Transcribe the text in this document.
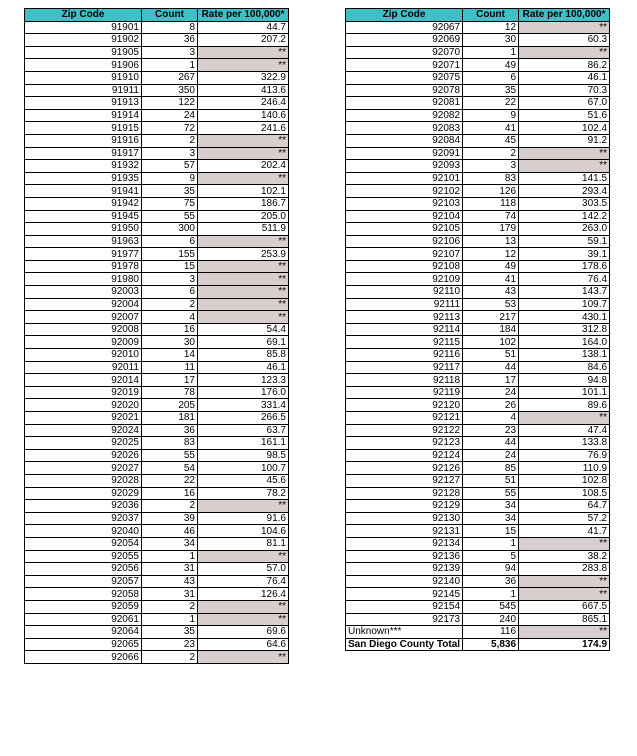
Zip Code	Count	Rate per 100,000*
91901	8	44.7
91902	36	207.2
91905	3	**
91906	1	**
91910	267	322.9
91911	350	413.6
91913	122	246.4
91914	24	140.6
91915	72	241.6
91916	2	**
91917	3	**
91932	57	202.4
91935	9	**
91941	35	102.1
91942	75	186.7
91945	55	205.0
91950	300	511.9
91963	6	**
91977	155	253.9
91978	15	**
91980	3	**
92003	6	**
92004	2	**
92007	4	**
92008	16	54.4
92009	30	69.1
92010	14	85.8
92011	11	46.1
92014	17	123.3
92019	78	176.0
92020	205	331.4
92021	181	266.5
92024	36	63.7
92025	83	161.1
92026	55	98.5
92027	54	100.7
92028	22	45.6
92029	16	78.2
92036	2	**
92037	39	91.6
92040	46	104.6
92054	34	81.1
92055	1	**
92056	31	57.0
92057	43	76.4
92058	31	126.4
92059	2	**
92061	1	**
92064	35	69.6
92065	23	64.6
92066	2	**
Zip Code	Count	Rate per 100,000*
92067	12	**
92069	30	60.3
92070	1	**
92071	49	86.2
92075	6	46.1
92078	35	70.3
92081	22	67.0
92082	9	51.6
92083	41	102.4
92084	45	91.2
92091	2	**
92093	3	**
92101	83	141.5
92102	126	293.4
92103	118	303.5
92104	74	142.2
92105	179	263.0
92106	13	59.1
92107	12	39.1
92108	49	178.6
92109	41	76.4
92110	43	143.7
92111	53	109.7
92113	217	430.1
92114	184	312.8
92115	102	164.0
92116	51	138.1
92117	44	84.6
92118	17	94.8
92119	24	101.1
92120	26	89.6
92121	4	**
92122	23	47.4
92123	44	133.8
92124	24	76.9
92126	85	110.9
92127	51	102.8
92128	55	108.5
92129	34	64.7
92130	34	57.2
92131	15	41.7
92134	1	**
92136	5	38.2
92139	94	283.8
92140	36	**
92145	1	**
92154	545	667.5
92173	240	865.1
Unknown***	116	**
San Diego County Total	5,836	174.9
